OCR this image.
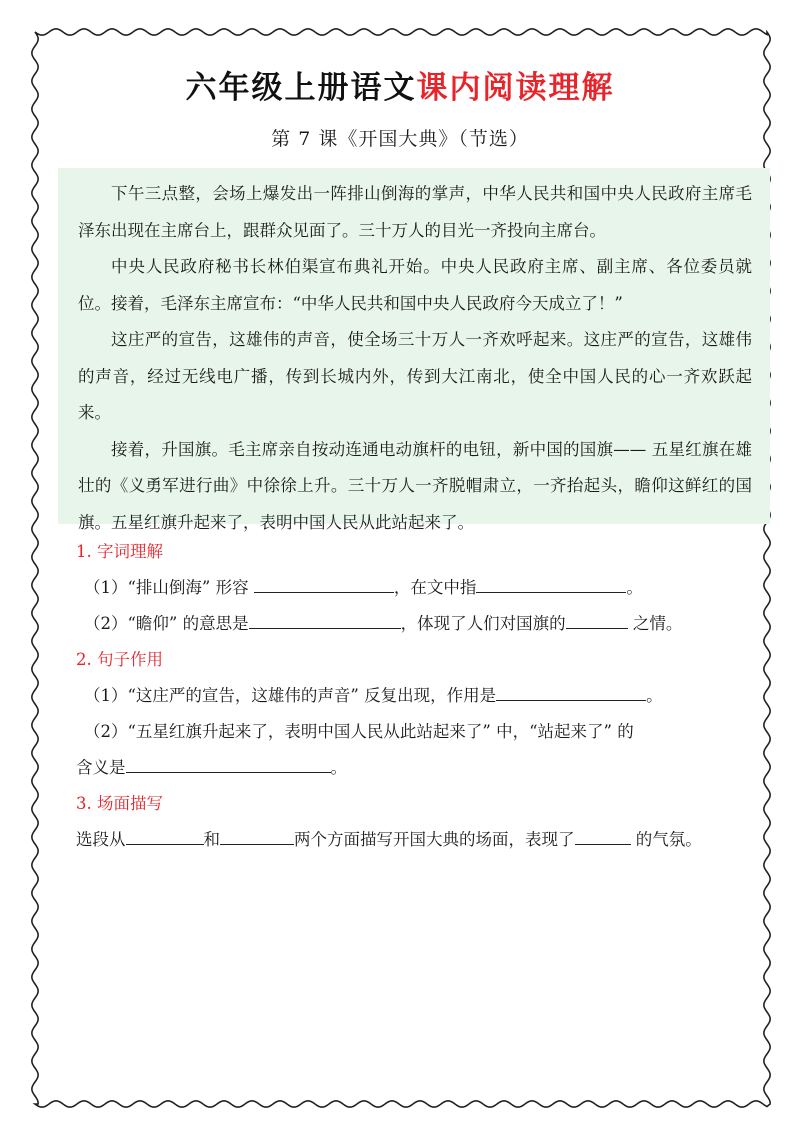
六年级上册语文课内阅读理解
第 7 课《开国大典》（节选）

下午三点整，会场上爆发出一阵排山倒海的掌声，中华人民共和国中央人民政府主席毛泽东出现在主席台上，跟群众见面了。三十万人的目光一齐投向主席台。

中央人民政府秘书长林伯渠宣布典礼开始。中央人民政府主席、副主席、各位委员就位。接着，毛泽东主席宣布：“中华人民共和国中央人民政府今天成立了！”

这庄严的宣告，这雄伟的声音，使全场三十万人一齐欢呼起来。这庄严的宣告，这雄伟的声音，经过无线电广播，传到长城内外，传到大江南北，使全中国人民的心一齐欢跃起来。

接着，升国旗。毛主席亲自按动连通电动旗杆的电钮，新中国的国旗—— 五星红旗在雄壮的《义勇军进行曲》中徐徐上升。三十万人一齐脱帽肃立，一齐抬起头，瞻仰这鲜红的国旗。五星红旗升起来了，表明中国人民从此站起来了。

1. 字词理解

（1）“排山倒海” 形容	，在文中指	。

（2）“瞻仰” 的意思是	，体现了人们对国旗的	之情。

2. 句子作用

（1）“这庄严的宣告，这雄伟的声音” 反复出现，作用是	。

（2）“五星红旗升起来了，表明中国人民从此站起来了” 中，“站起来了” 的

含义是	。

3. 场面描写

选段从	和	两个方面描写开国大典的场面，表现了	的气氛。
